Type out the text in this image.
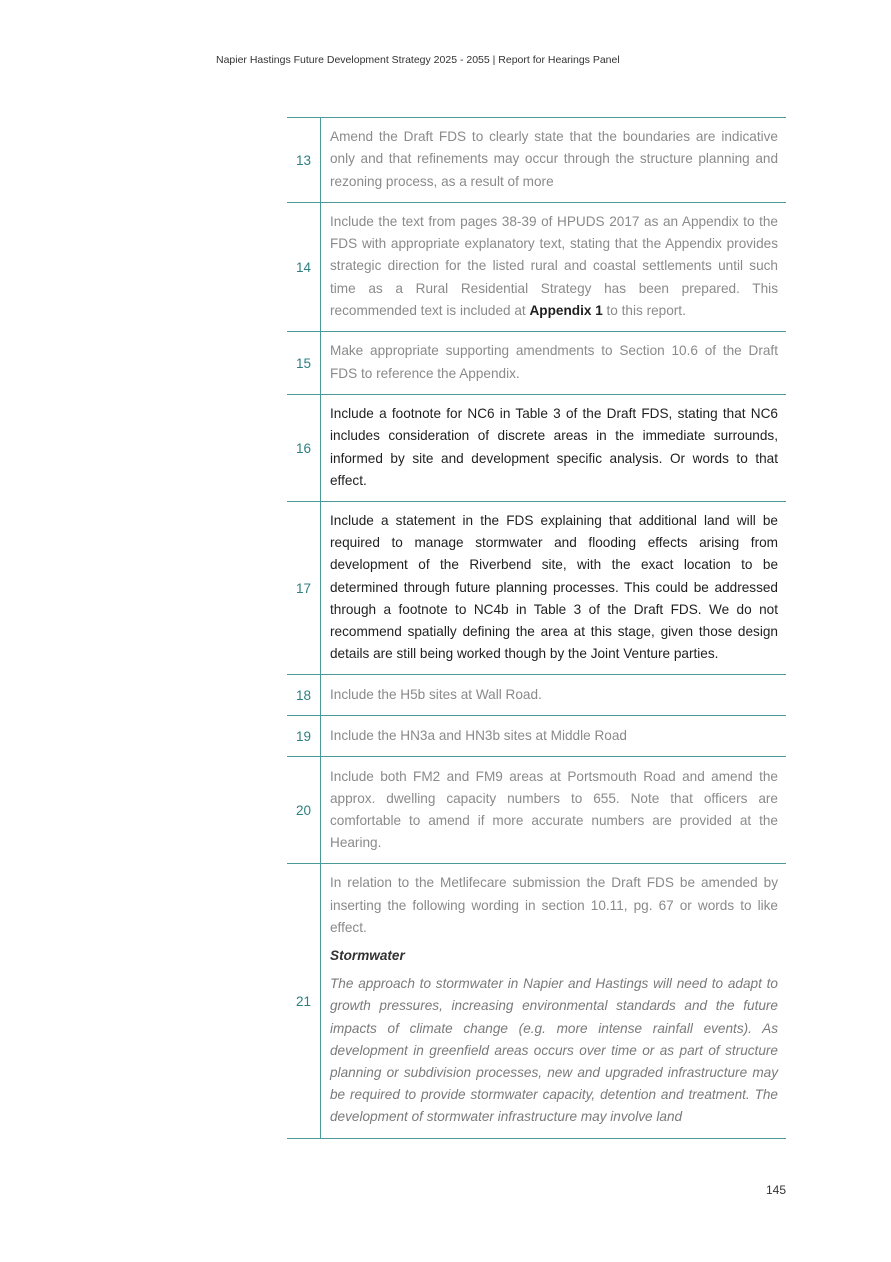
Napier Hastings Future Development Strategy 2025 - 2055 | Report for Hearings Panel
13	Amend the Draft FDS to clearly state that the boundaries are indicative only and that refinements may occur through the structure planning and rezoning process, as a result of more
14	Include the text from pages 38-39 of HPUDS 2017 as an Appendix to the FDS with appropriate explanatory text, stating that the Appendix provides strategic direction for the listed rural and coastal settlements until such time as a Rural Residential Strategy has been prepared. This recommended text is included at Appendix 1 to this report.
15	Make appropriate supporting amendments to Section 10.6 of the Draft FDS to reference the Appendix.
16	Include a footnote for NC6 in Table 3 of the Draft FDS, stating that NC6 includes consideration of discrete areas in the immediate surrounds, informed by site and development specific analysis. Or words to that effect.
17	Include a statement in the FDS explaining that additional land will be required to manage stormwater and flooding effects arising from development of the Riverbend site, with the exact location to be determined through future planning processes. This could be addressed through a footnote to NC4b in Table 3 of the Draft FDS. We do not recommend spatially defining the area at this stage, given those design details are still being worked though by the Joint Venture parties.
18	Include the H5b sites at Wall Road.
19	Include the HN3a and HN3b sites at Middle Road
20	Include both FM2 and FM9 areas at Portsmouth Road and amend the approx. dwelling capacity numbers to 655. Note that officers are comfortable to amend if more accurate numbers are provided at the Hearing.
21	In relation to the Metlifecare submission the Draft FDS be amended by inserting the following wording in section 10.11, pg. 67 or words to like effect.
Stormwater
The approach to stormwater in Napier and Hastings will need to adapt to growth pressures, increasing environmental standards and the future impacts of climate change (e.g. more intense rainfall events). As development in greenfield areas occurs over time or as part of structure planning or subdivision processes, new and upgraded infrastructure may be required to provide stormwater capacity, detention and treatment. The development of stormwater infrastructure may involve land
145
